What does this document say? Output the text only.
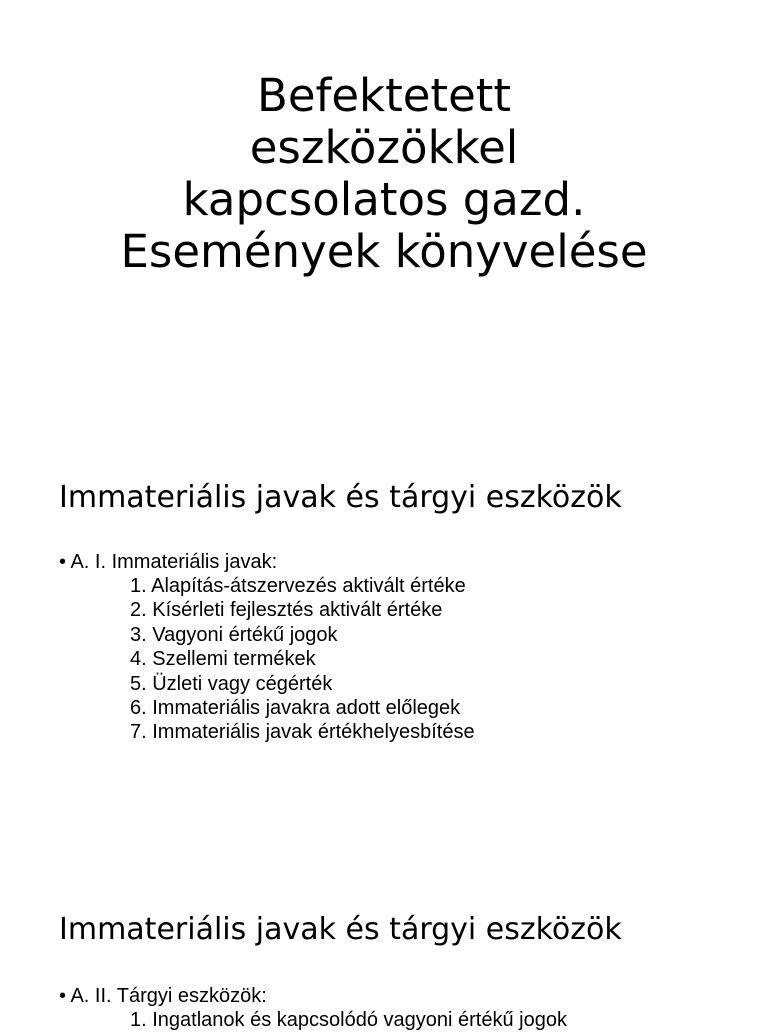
Befektetett
eszközökkel
kapcsolatos gazd.
Események könyvelése
Immateriális javak és tárgyi eszközök
• A. I. Immateriális javak:
1. Alapítás-átszervezés aktivált értéke
2. Kísérleti fejlesztés aktivált értéke
3. Vagyoni értékű jogok
4. Szellemi termékek
5. Üzleti vagy cégérték
6. Immateriális javakra adott előlegek
7. Immateriális javak értékhelyesbítése
Immateriális javak és tárgyi eszközök
• A. II. Tárgyi eszközök:
1. Ingatlanok és kapcsolódó vagyoni értékű jogok
